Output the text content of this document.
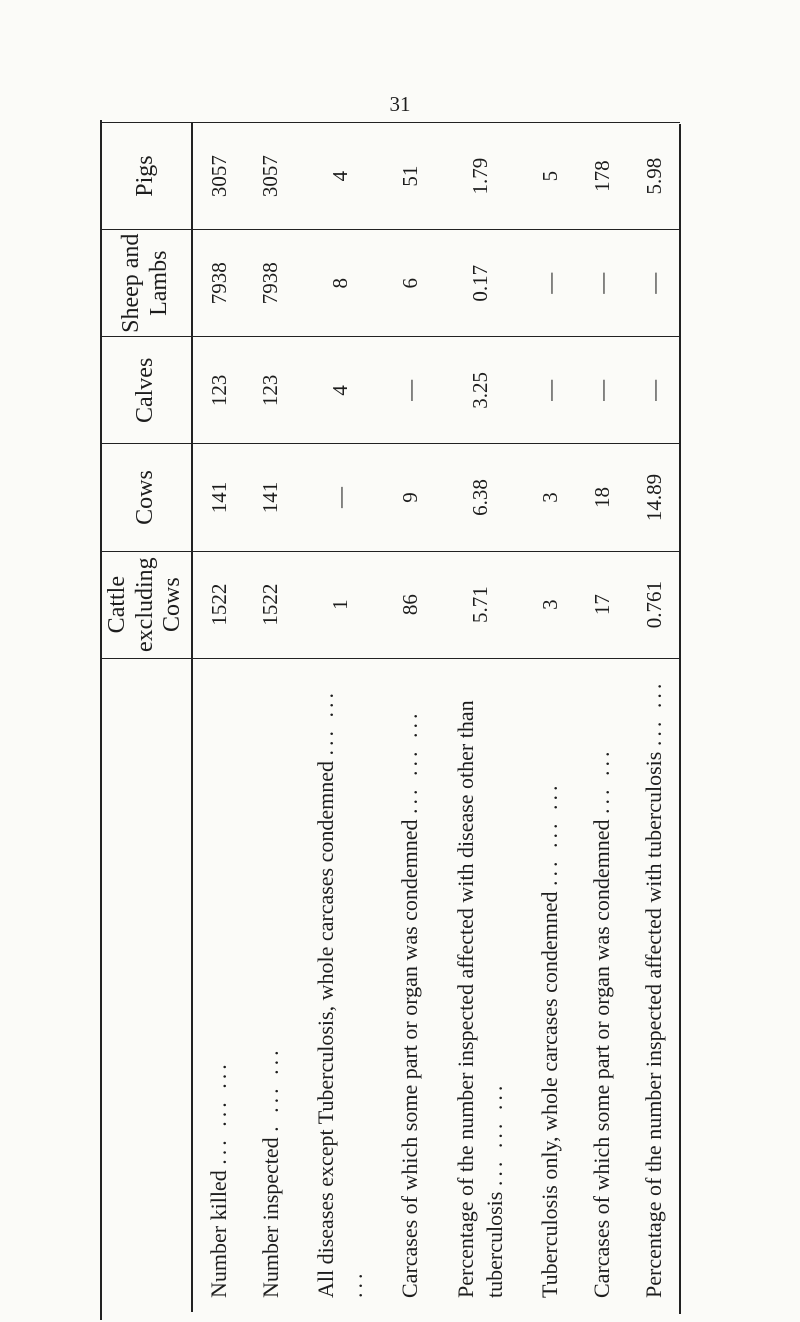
31
	Cattle excluding Cows	Cows	Calves	Sheep and Lambs	Pigs
Number killed ... ... ...	1522	141	123	7938	3057
Number inspected . ... ...	1522	141	123	7938	3057
All diseases except Tuberculosis, whole carcases condemned ... ... ...	1	—	4	8	4
Carcases of which some part or organ was condemned ... ... ...	86	9	—	6	51
Percentage of the number inspected affected with disease other than tuberculosis ... ... ...	5.71	6.38	3.25	0.17	1.79
Tuberculosis only, whole carcases condemned ... ... ...	3	3	—	—	5
Carcases of which some part or organ was condemned ... ...	17	18	—	—	178
Percentage of the number inspected affected with tuberculosis ... ...	0.761	14.89	—	—	5.98
